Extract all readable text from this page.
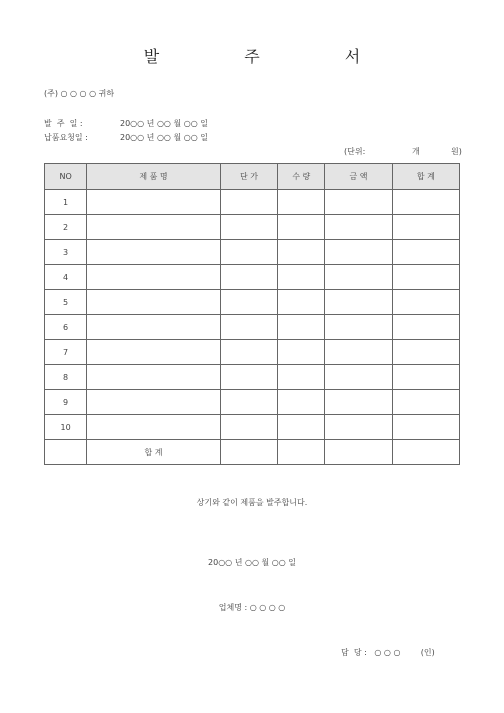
발 주 서
(주) ○ ○ ○ ○ 귀하
발  주  일 :	20○○ 년 ○○ 월 ○○ 일
납품요청일 :	20○○ 년 ○○ 월 ○○ 일
(단위:	개	원)
NO	제 품 명	단 가	수 량	금 액	합 계
1					
2					
3					
4					
5					
6					
7					
8					
9					
10					
	합 계				
상기와 같이 제품을 발주합니다.
20○○ 년 ○○ 월 ○○ 일
업체명 : ○ ○ ○ ○
담  당 :   ○ ○ ○        (인)
